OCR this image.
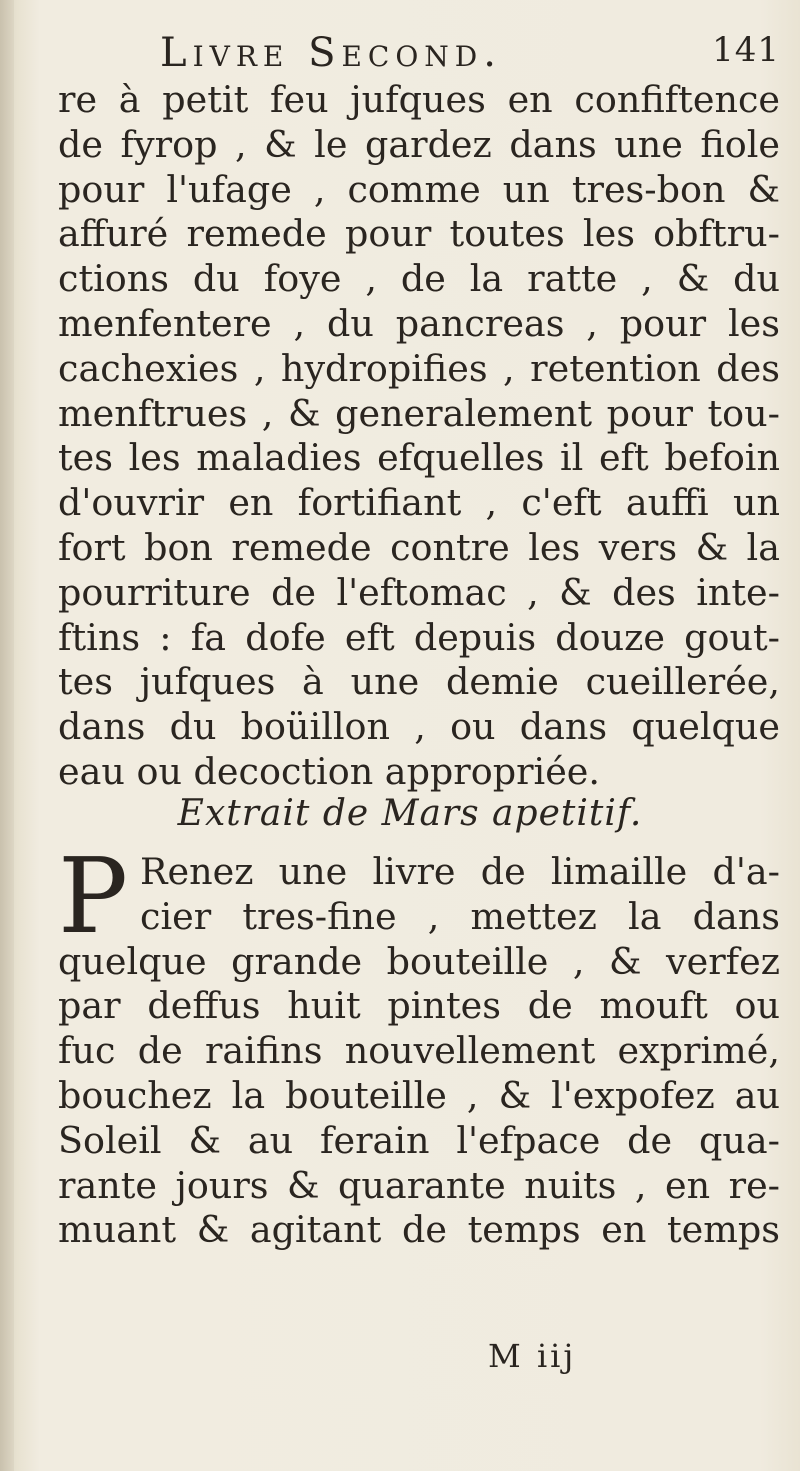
Livre Second.	141
re à petit feu jufques en confiftence
de fyrop , & le gardez dans une fiole
pour l'ufage , comme un tres-bon &
affuré remede pour toutes les obftru-
ctions du foye , de la ratte , & du
menfentere , du pancreas , pour les
cachexies , hydropifies , retention des
menftrues , & generalement pour tou-
tes les maladies efquelles il eft befoin
d'ouvrir en fortifiant , c'eft auffi un
fort bon remede contre les vers & la
pourriture de l'eftomac , & des inte-
ftins : fa dofe eft depuis douze gout-
tes jufques à une demie cueillerée,
dans du boüillon , ou dans quelque
eau ou decoction appropriée.
Extrait de Mars apetitif.
P Renez une livre de limaille d'a-
cier tres-fine , mettez la dans
quelque grande bouteille , & verfez
par deffus huit pintes de mouft ou
fuc de raifins nouvellement exprimé,
bouchez la bouteille , & l'expofez au
Soleil & au ferain l'efpace de qua-
rante jours & quarante nuits , en re-
muant & agitant de temps en temps
M iij
